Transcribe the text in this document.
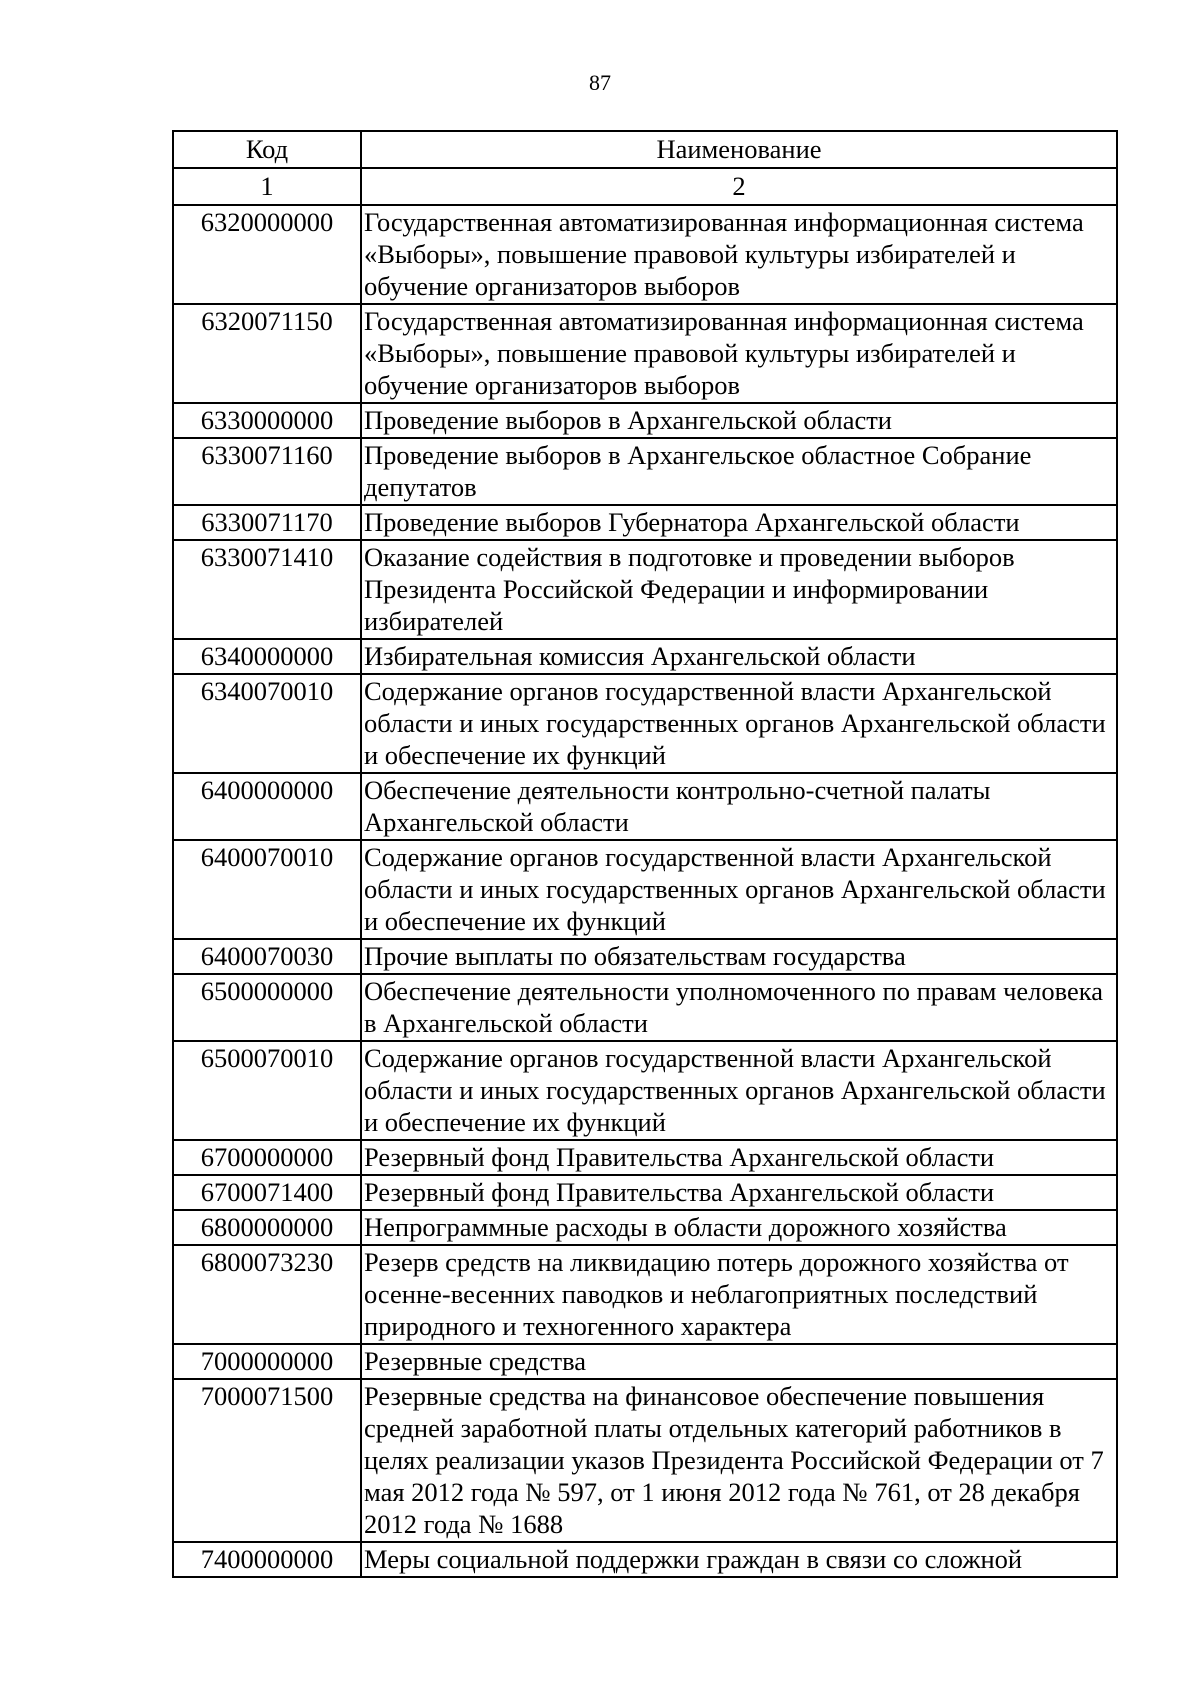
87
Код	Наименование
1	2
6320000000	Государственная автоматизированная информационная система «Выборы», повышение правовой культуры избирателей и обучение организаторов выборов
6320071150	Государственная автоматизированная информационная система «Выборы», повышение правовой культуры избирателей и обучение организаторов выборов
6330000000	Проведение выборов в Архангельской области
6330071160	Проведение выборов в Архангельское областное Собрание депутатов
6330071170	Проведение выборов Губернатора Архангельской области
6330071410	Оказание содействия в подготовке и проведении выборов Президента Российской Федерации и информировании избирателей
6340000000	Избирательная комиссия Архангельской области
6340070010	Содержание органов государственной власти Архангельской области и иных государственных органов Архангельской области и обеспечение их функций
6400000000	Обеспечение деятельности контрольно-счетной палаты Архангельской области
6400070010	Содержание органов государственной власти Архангельской области и иных государственных органов Архангельской области и обеспечение их функций
6400070030	Прочие выплаты по обязательствам государства
6500000000	Обеспечение деятельности уполномоченного по правам человека в Архангельской области
6500070010	Содержание органов государственной власти Архангельской области и иных государственных органов Архангельской области и обеспечение их функций
6700000000	Резервный фонд Правительства Архангельской области
6700071400	Резервный фонд Правительства Архангельской области
6800000000	Непрограммные расходы в области дорожного хозяйства
6800073230	Резерв средств на ликвидацию потерь дорожного хозяйства от осенне-весенних паводков и неблагоприятных последствий природного и техногенного характера
7000000000	Резервные средства
7000071500	Резервные средства на финансовое обеспечение повышения средней заработной платы отдельных категорий работников в целях реализации указов Президента Российской Федерации от 7 мая 2012 года № 597, от 1 июня 2012 года № 761, от 28 декабря 2012 года № 1688
7400000000	Меры социальной поддержки граждан в связи со сложной
